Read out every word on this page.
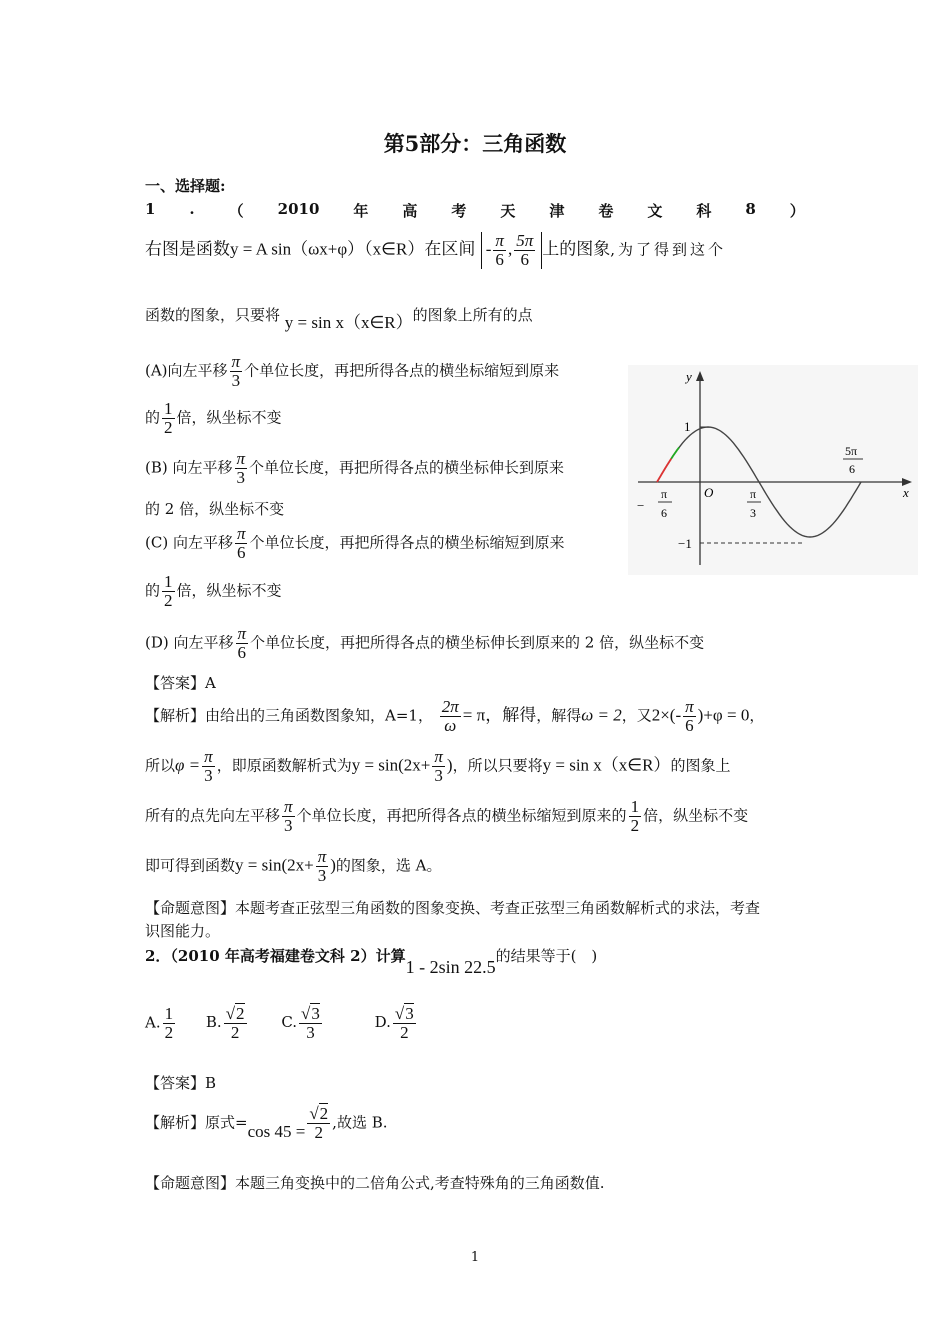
第5部分：三角函数
一、选择题:
1 . （ 2010 年 高 考 天 津 卷 文 科 8 ）
右图是函数y = A sin（ωx+φ）（x∈R）在区间 - $\frac{\pi}{6}$ , $\frac{5\pi}{6}$ 上的图象,为了得到这个
函数的图象，只要将 y = sin x（x∈R）的图象上所有的点
(A)向左平移 $\frac{\pi}{3}$ 个单位长度，再把所得各点的横坐标缩短到原来
的 $\frac{1}{2}$ 倍，纵坐标不变
(B) 向左平移 $\frac{\pi}{3}$ 个单位长度，再把所得各点的横坐标伸长到原来
的 2 倍，纵坐标不变
(C) 向左平移 $\frac{\pi}{6}$ 个单位长度，再把所得各点的横坐标缩短到原来
的 $\frac{1}{2}$ 倍，纵坐标不变
(D) 向左平移 $\frac{\pi}{6}$ 个单位长度，再把所得各点的横坐标伸长到原来的 2 倍，纵坐标不变
y
x
1
−1
O
−
π
6
π
3
5π
6
【答案】A
【解析】由给出的三角函数图象知，A=1， $\frac{2\pi}{\omega} = \pi$，解得，解得ω = 2，又$2\times(- \frac{\pi}{6} )+\varphi = 0$，
所以$\varphi = \frac{\pi}{3}$ ，即原函数解析式为$y = \sin(2x+ \frac{\pi}{3}$ )，所以只要将y = sin x（x∈R）的图象上
所有的点先向左平移 $\frac{\pi}{3}$ 个单位长度，再把所得各点的横坐标缩短到原来的 $\frac{1}{2}$ 倍，纵坐标不变
即可得到函数$y = \sin(2x+ \frac{\pi}{3}$ )的图象，选 A。
【命题意图】本题考查正弦型三角函数的图象变换、考查正弦型三角函数解析式的求法，考查
识图能力。
2．（2010 年高考福建卷文科 2）计算1 - 2sin 22.5的结果等于(　)
A. $\frac{1}{2} B$. $\frac{√2}{2} C$. $\frac{√3}{3}$	D. $\frac{√3}{2}$
【答案】B
【解析】原式=cos $45 = \frac{√2}{2}$ ,故选 B.
【命题意图】本题三角变换中的二倍角公式,考查特殊角的三角函数值.
1
